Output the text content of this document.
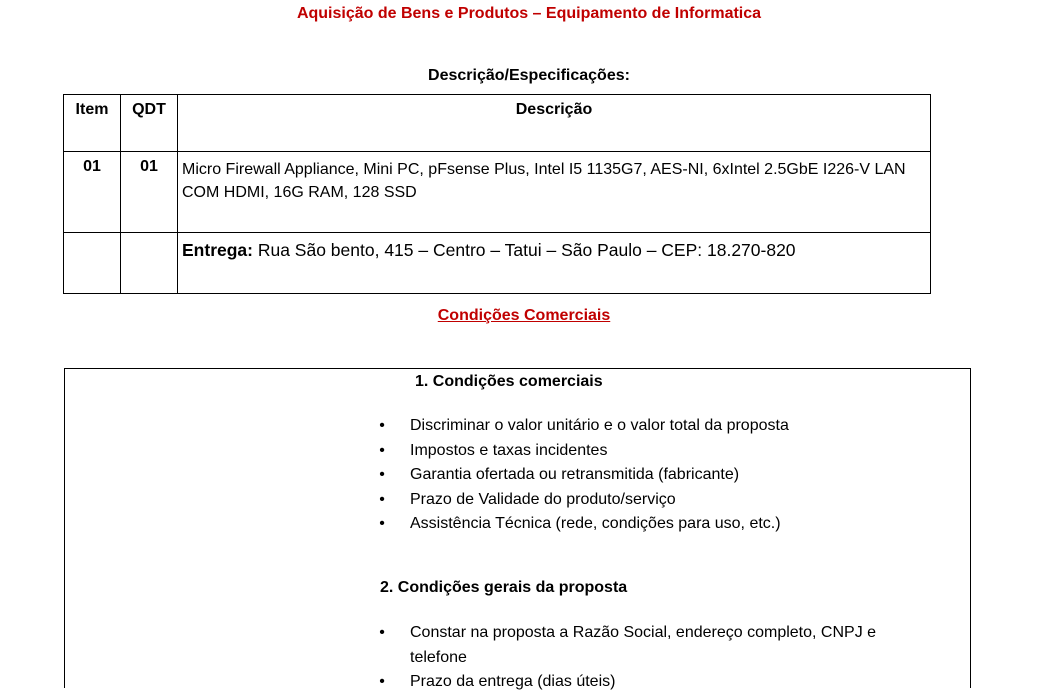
Aquisição de Bens e Produtos – Equipamento de Informatica
Descrição/Especificações:
Item	QDT	Descrição
01	01	Micro Firewall Appliance, Mini PC, pFsense Plus, Intel I5 1135G7, AES-NI, 6xIntel 2.5GbE I226-V LAN COM HDMI, 16G RAM, 128 SSD
		Entrega: Rua São bento, 415 – Centro – Tatui – São Paulo – CEP: 18.270-820
Condições Comerciais
1. Condições comerciais
• Discriminar o valor unitário e o valor total da proposta
• Impostos e taxas incidentes
• Garantia ofertada ou retransmitida (fabricante)
• Prazo de Validade do produto/serviço
• Assistência Técnica (rede, condições para uso, etc.)
2. Condições gerais da proposta
• Constar na proposta a Razão Social, endereço completo, CNPJ e telefone
• Prazo da entrega (dias úteis)
